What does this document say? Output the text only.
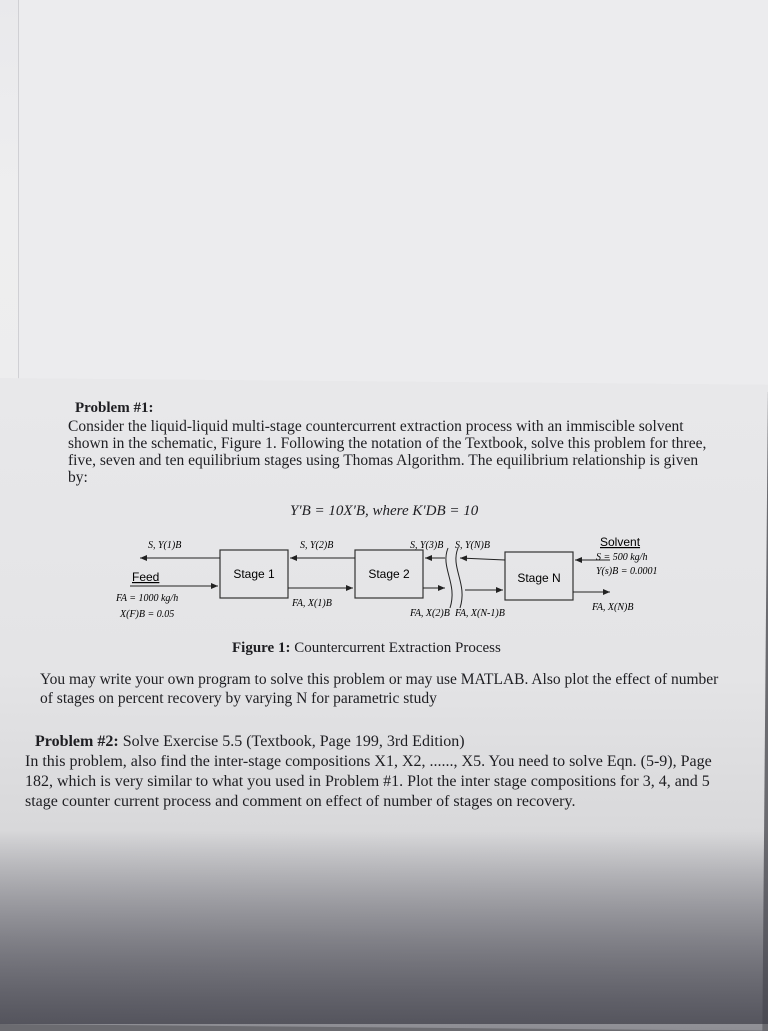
Problem #1:
Consider the liquid-liquid multi-stage countercurrent extraction process with an immiscible solvent shown in the schematic, Figure 1. Following the notation of the Textbook, solve this problem for three, five, seven and ten equilibrium stages using Thomas Algorithm. The equilibrium relationship is given by:
Y′B = 10X′B, where K′DB = 10
Stage 1	Stage 2	Stage N
S, Y(1)B	S, Y(2)B	S, Y(3)B S, Y(N)B	Solvent
S = 500 kg/h
Y(s)B = 0.0001
Feed
FA = 1000 kg/h
X(F)B = 0.05
FA, X(1)B
FA, X(2)B FA, X(N-1)B
FA, X(N)B
Figure 1: Countercurrent Extraction Process
You may write your own program to solve this problem or may use MATLAB. Also plot the effect of number of stages on percent recovery by varying N for parametric study
Problem #2: Solve Exercise 5.5 (Textbook, Page 199, 3rd Edition)
In this problem, also find the inter-stage compositions X1, X2, ......, X5. You need to solve Eqn. (5-9), Page 182, which is very similar to what you used in Problem #1. Plot the inter stage compositions for 3, 4, and 5 stage counter current process and comment on effect of number of stages on recovery.
